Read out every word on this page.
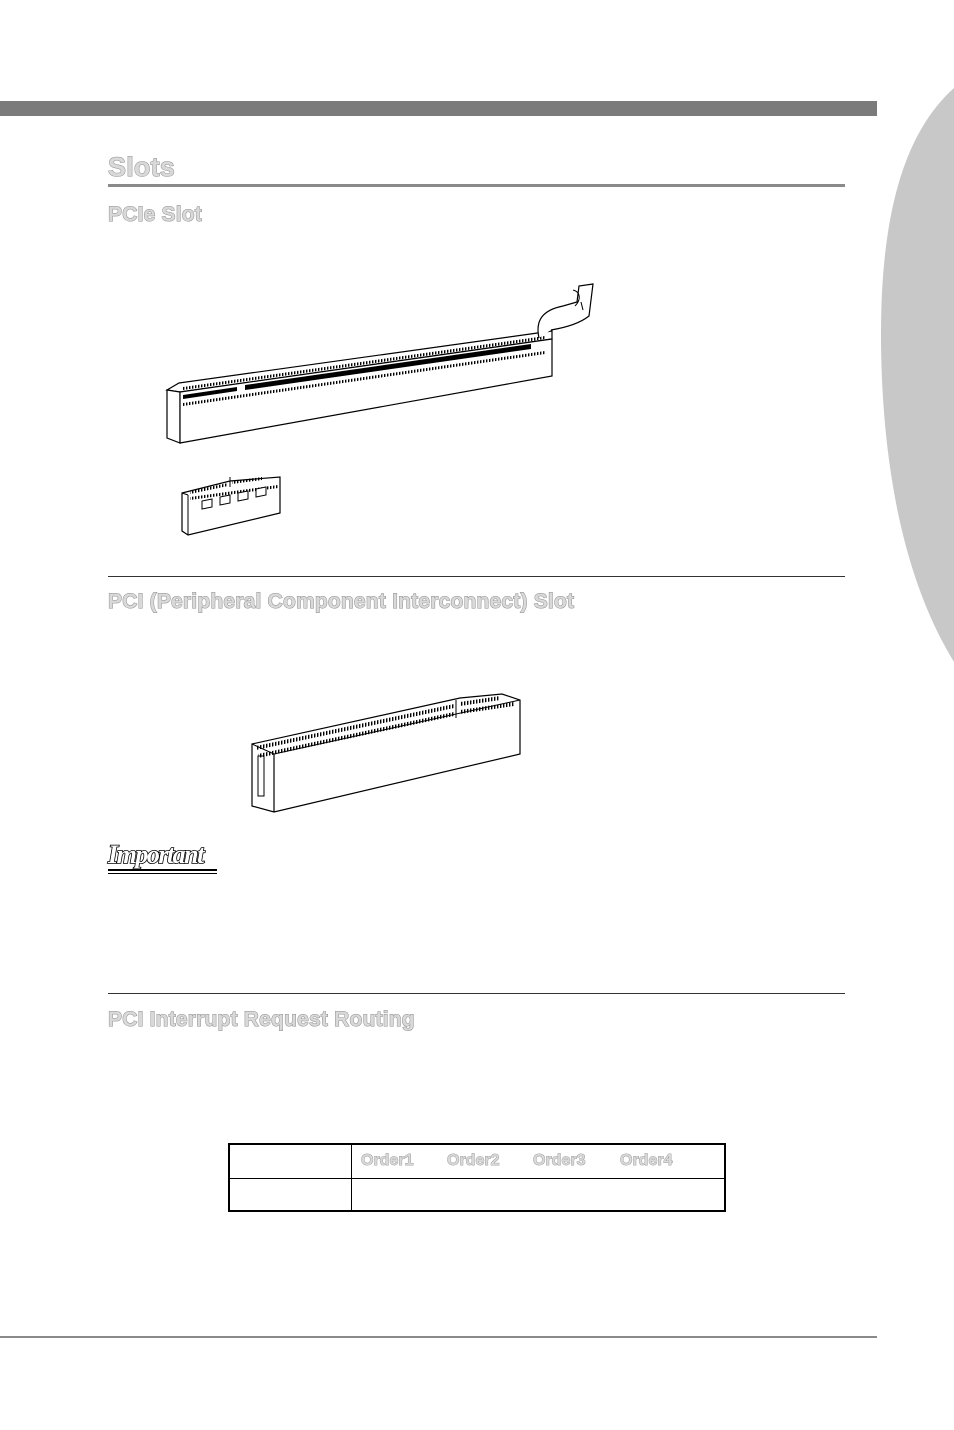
Slots
PCIe Slot
PCI (Peripheral Component Interconnect) Slot
Important
PCI Interrupt Request Routing
Order1 Order2 Order3 Order4
